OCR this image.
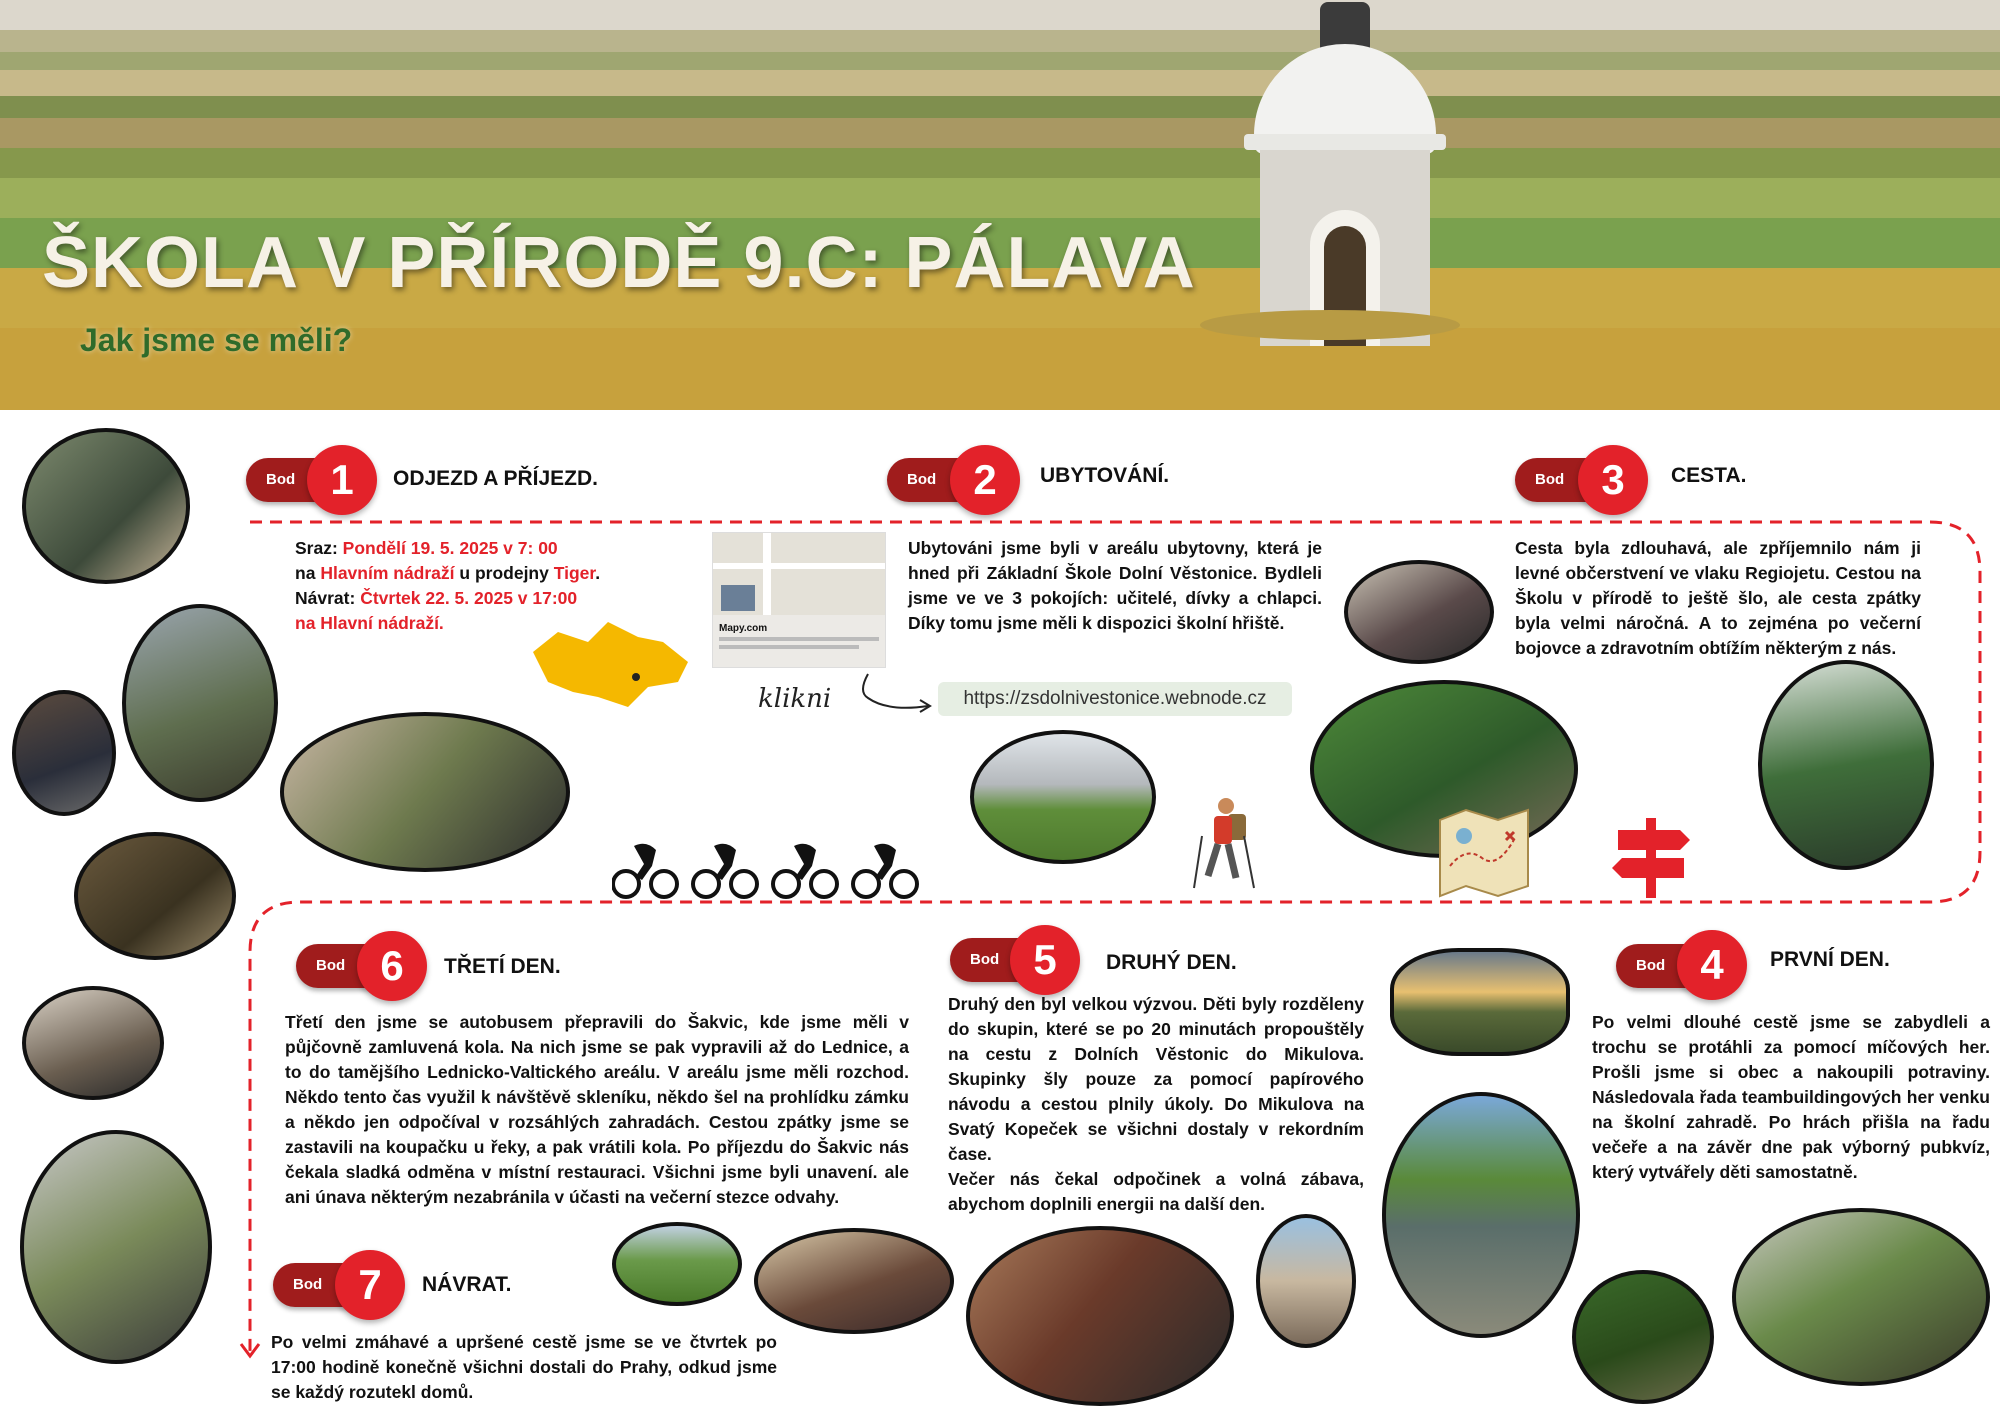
ŠKOLA V PŘÍRODĚ 9.C: PÁLAVA
Jak jsme se měli?
Bod 1	ODJEZD A PŘÍJEZD.
Sraz: Pondělí 19. 5. 2025 v 7: 00
na Hlavním nádraží u prodejny Tiger.
Návrat: Čtvrtek 22. 5. 2025 v 17:00
na Hlavní nádraží.
Bod 2	UBYTOVÁNÍ.
Ubytováni jsme byli v areálu ubytovny, která je hned při Základní Škole Dolní Věstonice. Bydleli jsme ve ve 3 pokojích: učitelé, dívky a chlapci. Díky tomu jsme měli k dispozici školní hřiště.
Mapy.com
klikni	https://zsdolnivestonice.webnode.cz
Bod 3	CESTA.
Cesta byla zdlouhavá, ale zpříjemnilo nám ji levné občerstvení ve vlaku Regiojetu. Cestou na Školu v přírodě to ještě šlo, ale cesta zpátky byla velmi náročná. A to zejména po večerní bojovce a zdravotním obtížím některým z nás.
Bod 4	PRVNÍ DEN.
Po velmi dlouhé cestě jsme se zabydleli a trochu se protáhli za pomocí míčových her. Prošli jsme si obec a nakoupili potraviny. Následovala řada teambuildingových her venku na školní zahradě. Po hrách přišla na řadu večeře a na závěr dne pak výborný pubkvíz, který vytvářely děti samostatně.
Bod 5	DRUHÝ DEN.
Druhý den byl velkou výzvou. Děti byly rozděleny do skupin, které se po 20 minutách propouštěly na cestu z Dolních Věstonic do Mikulova. Skupinky šly pouze za pomocí papírového návodu a cestou plnily úkoly. Do Mikulova na Svatý Kopeček se všichni dostaly v rekordním čase.
Večer nás čekal odpočinek a volná zábava, abychom doplnili energii na další den.
Bod 6	TŘETÍ DEN.
Třetí den jsme se autobusem přepravili do Šakvic, kde jsme měli v půjčovně zamluvená kola. Na nich jsme se pak vypravili až do Lednice, a to do tamějšího Lednicko-Valtického areálu. V areálu jsme měli rozchod. Někdo tento čas využil k návštěvě skleníku, někdo šel na prohlídku zámku a někdo jen odpočíval v rozsáhlých zahradách. Cestou zpátky jsme se zastavili na koupačku u řeky, a pak vrátili kola. Po příjezdu do Šakvic nás čekala sladká odměna v místní restauraci. Všichni jsme byli unavení. ale ani únava některým nezabránila v účasti na večerní stezce odvahy.
Bod 7	NÁVRAT.
Po velmi zmáhavé a upršené cestě jsme se ve čtvrtek po 17:00 hodině konečně všichni dostali do Prahy, odkud jsme se každý rozutekl domů.
